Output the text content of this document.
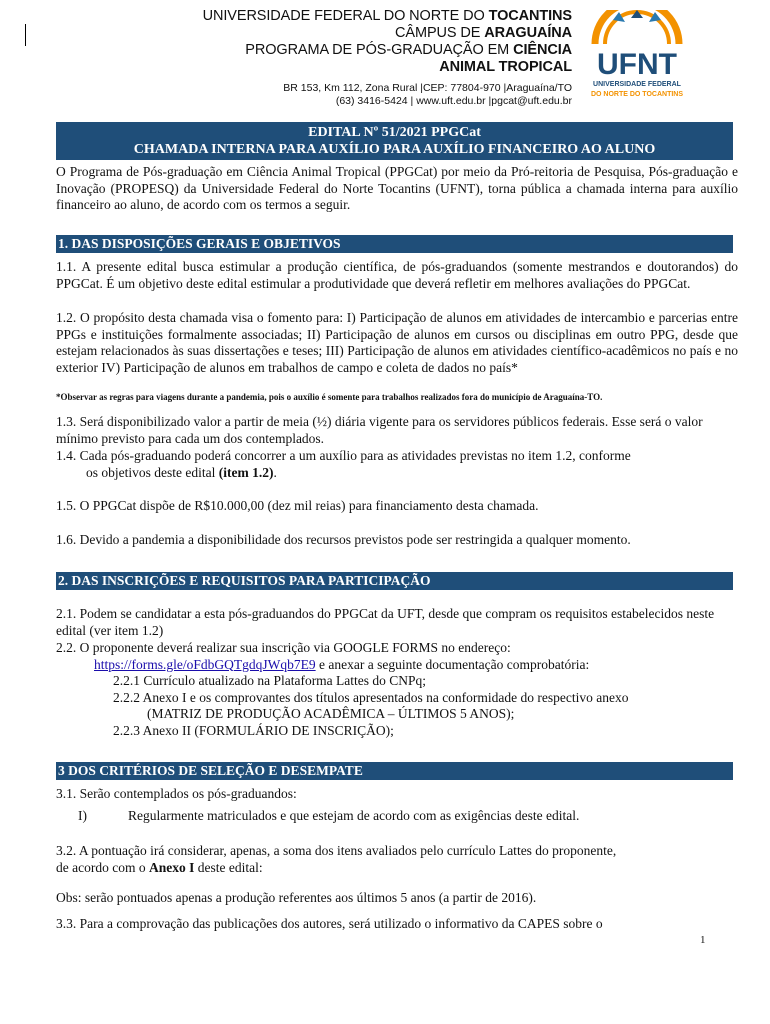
UNIVERSIDADE FEDERAL DO NORTE DO TOCANTINS
CÂMPUS DE ARAGUAÍNA
PROGRAMA DE PÓS-GRADUAÇÃO EM CIÊNCIA
ANIMAL TROPICAL
BR 153, Km 112, Zona Rural |CEP: 77804-970 |Araguaína/TO
(63) 3416-5424 | www.uft.edu.br |pgcat@uft.edu.br
UFNT
UNIVERSIDADE FEDERAL
DO NORTE DO TOCANTINS
EDITAL Nº 51/2021 PPGCat
CHAMADA INTERNA PARA AUXÍLIO PARA AUXÍLIO FINANCEIRO AO ALUNO
O Programa de Pós-graduação em Ciência Animal Tropical (PPGCat) por meio da Pró-reitoria de Pesquisa, Pós-graduação e Inovação (PROPESQ) da Universidade Federal do Norte Tocantins (UFNT), torna pública a chamada interna para auxílio financeiro ao aluno, de acordo com os termos a seguir.
1. DAS DISPOSIÇÕES GERAIS E OBJETIVOS
1.1. A presente edital busca estimular a produção científica, de pós-graduandos (somente mestrandos e doutorandos) do PPGCat. É um objetivo deste edital estimular a produtividade que deverá refletir em melhores avaliações do PPGCat.
1.2. O propósito desta chamada visa o fomento para: I) Participação de alunos em atividades de intercambio e parcerias entre PPGs e instituições formalmente associadas; II) Participação de alunos em cursos ou disciplinas em outro PPG, desde que estejam relacionados às suas dissertações e teses; III) Participação de alunos em atividades científico-acadêmicos no país e no exterior IV) Participação de alunos em trabalhos de campo e coleta de dados no país*
*Observar as regras para viagens durante a pandemia, pois o auxílio é somente para trabalhos realizados fora do município de Araguaína-TO.
1.3. Será disponibilizado valor a partir de meia (½) diária vigente para os servidores públicos federais. Esse será o valor mínimo previsto para cada um dos contemplados.
1.4. Cada pós-graduando poderá concorrer a um auxílio para as atividades previstas no item 1.2, conforme
os objetivos deste edital (item 1.2).
1.5. O PPGCat dispõe de R$10.000,00 (dez mil reias) para financiamento desta chamada.
1.6. Devido a pandemia a disponibilidade dos recursos previstos pode ser restringida a qualquer momento.
2. DAS INSCRIÇÕES E REQUISITOS PARA PARTICIPAÇÃO
2.1. Podem se candidatar a esta pós-graduandos do PPGCat da UFT, desde que compram os requisitos estabelecidos neste edital (ver item 1.2)
2.2. O proponente deverá realizar sua inscrição via GOOGLE FORMS no endereço:
https://forms.gle/oFdbGQTgdqJWqb7E9 e anexar a seguinte documentação comprobatória:
2.2.1 Currículo atualizado na Plataforma Lattes do CNPq;
2.2.2 Anexo I e os comprovantes dos títulos apresentados na conformidade do respectivo anexo
(MATRIZ DE PRODUÇÃO ACADÊMICA – ÚLTIMOS 5 ANOS);
2.2.3 Anexo II (FORMULÁRIO DE INSCRIÇÃO);
3 DOS CRITÉRIOS DE SELEÇÃO E DESEMPATE
3.1. Serão contemplados os pós-graduandos:
I)	Regularmente matriculados e que estejam de acordo com as exigências deste edital.
3.2. A pontuação irá considerar, apenas, a soma dos itens avaliados pelo currículo Lattes do proponente,
de acordo com o Anexo I deste edital:
Obs: serão pontuados apenas a produção referentes aos últimos 5 anos (a partir de 2016).
3.3. Para a comprovação das publicações dos autores, será utilizado o informativo da CAPES sobre o
1
